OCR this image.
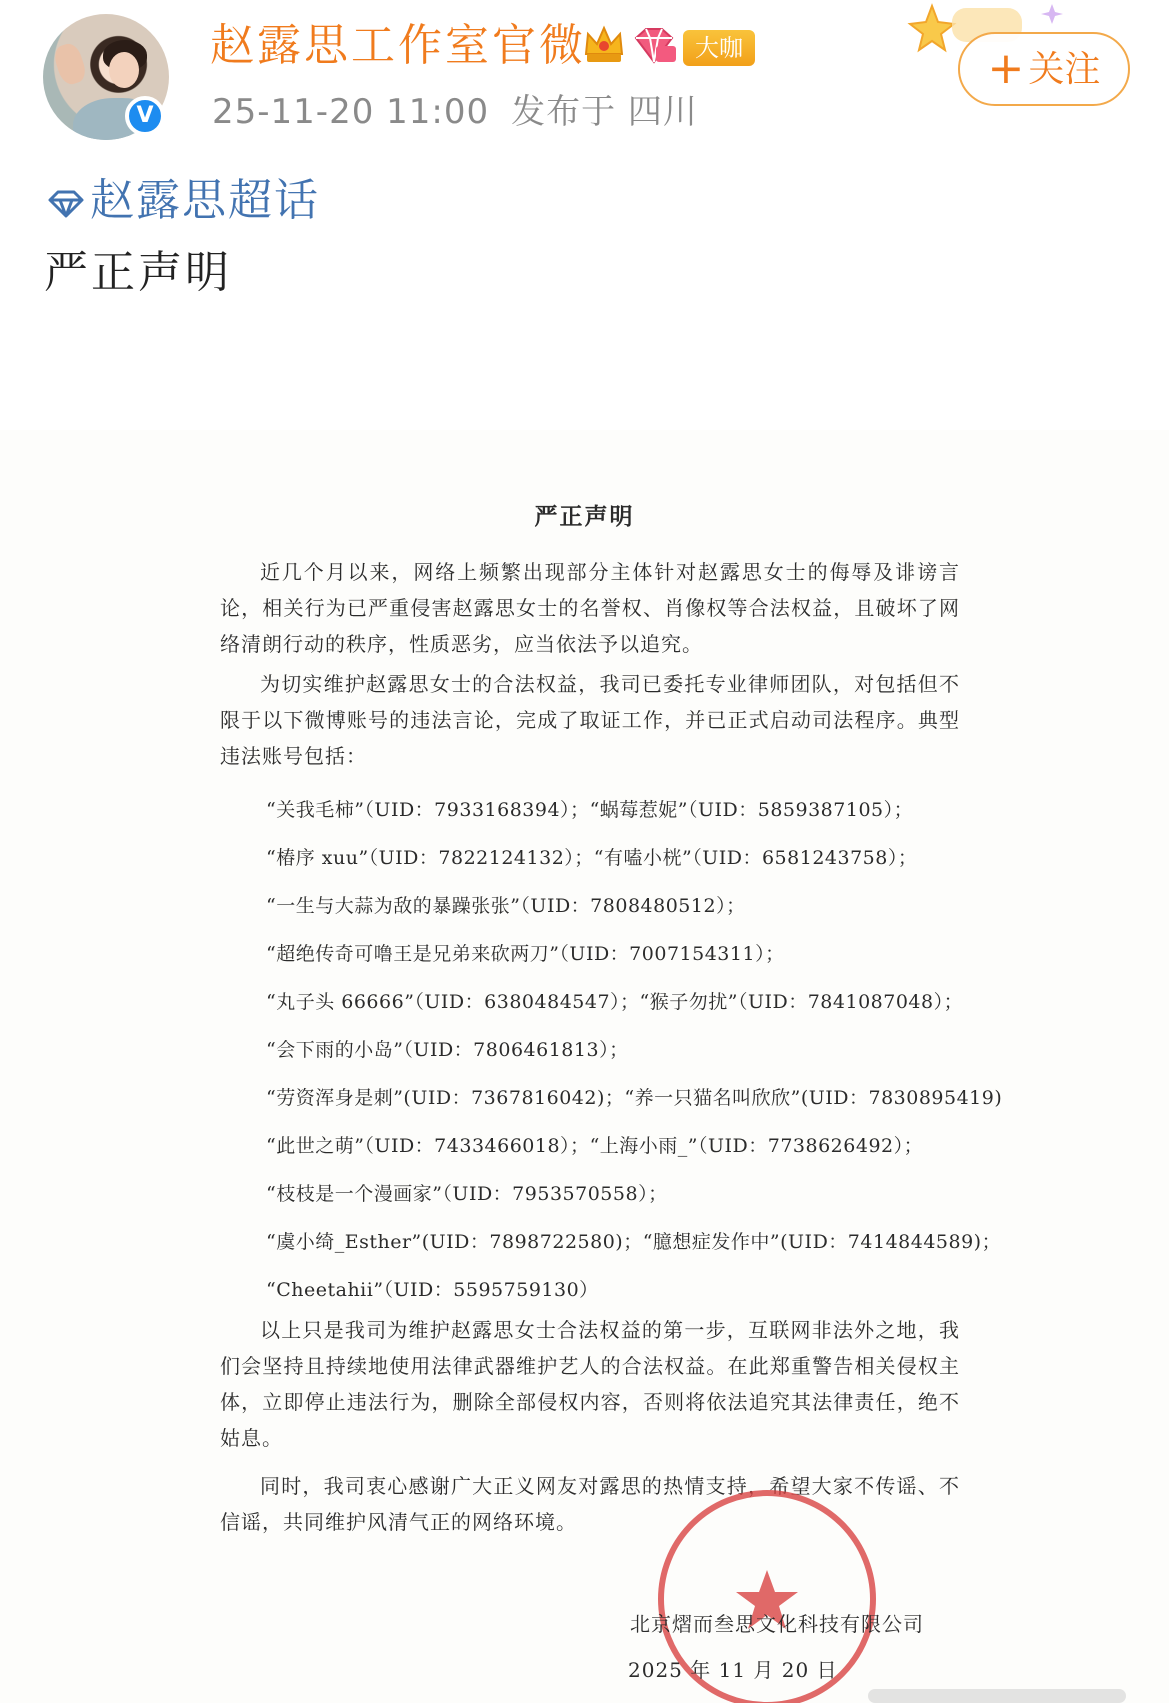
V
赵露思工作室官微	大咖
25-11-20 11:00 发布于 四川
+ 关注
赵露思超话
严正声明
严正声明
近几个月以来，网络上频繁出现部分主体针对赵露思女士的侮辱及诽谤言论，相关行为已严重侵害赵露思女士的名誉权、肖像权等合法权益，且破坏了网络清朗行动的秩序，性质恶劣，应当依法予以追究。
为切实维护赵露思女士的合法权益，我司已委托专业律师团队，对包括但不限于以下微博账号的违法言论，完成了取证工作，并已正式启动司法程序。典型违法账号包括：
“关我毛柿”（UID：7933168394）；“蜗莓惹妮”（UID：5859387105）；
“椿序 xuu”（UID：7822124132）；“有嗑小桄”（UID：6581243758）；
“一生与大蒜为敌的暴躁张张”（UID：7808480512）；
“超绝传奇可噜王是兄弟来砍两刀”（UID：7007154311）；
“丸子头 66666”（UID：6380484547）；“猴子勿扰”（UID：7841087048）；
“会下雨的小岛”（UID：7806461813）；
“劳资浑身是刺”(UID：7367816042)；“养一只猫名叫欣欣”(UID：7830895419)
“此世之萌”（UID：7433466018）；“上海小雨_”（UID：7738626492）；
“枝枝是一个漫画家”（UID：7953570558）；
“虞小绮_Esther”(UID：7898722580)；“臆想症发作中”(UID：7414844589)；
“Cheetahii”（UID：5595759130）
以上只是我司为维护赵露思女士合法权益的第一步，互联网非法外之地，我们会坚持且持续地使用法律武器维护艺人的合法权益。在此郑重警告相关侵权主体，立即停止违法行为，删除全部侵权内容，否则将依法追究其法律责任，绝不姑息。
同时，我司衷心感谢广大正义网友对露思的热情支持，希望大家不传谣、不信谣，共同维护风清气正的网络环境。
北京熠而叁思文化科技有限公司
2025 年 11 月 20 日
